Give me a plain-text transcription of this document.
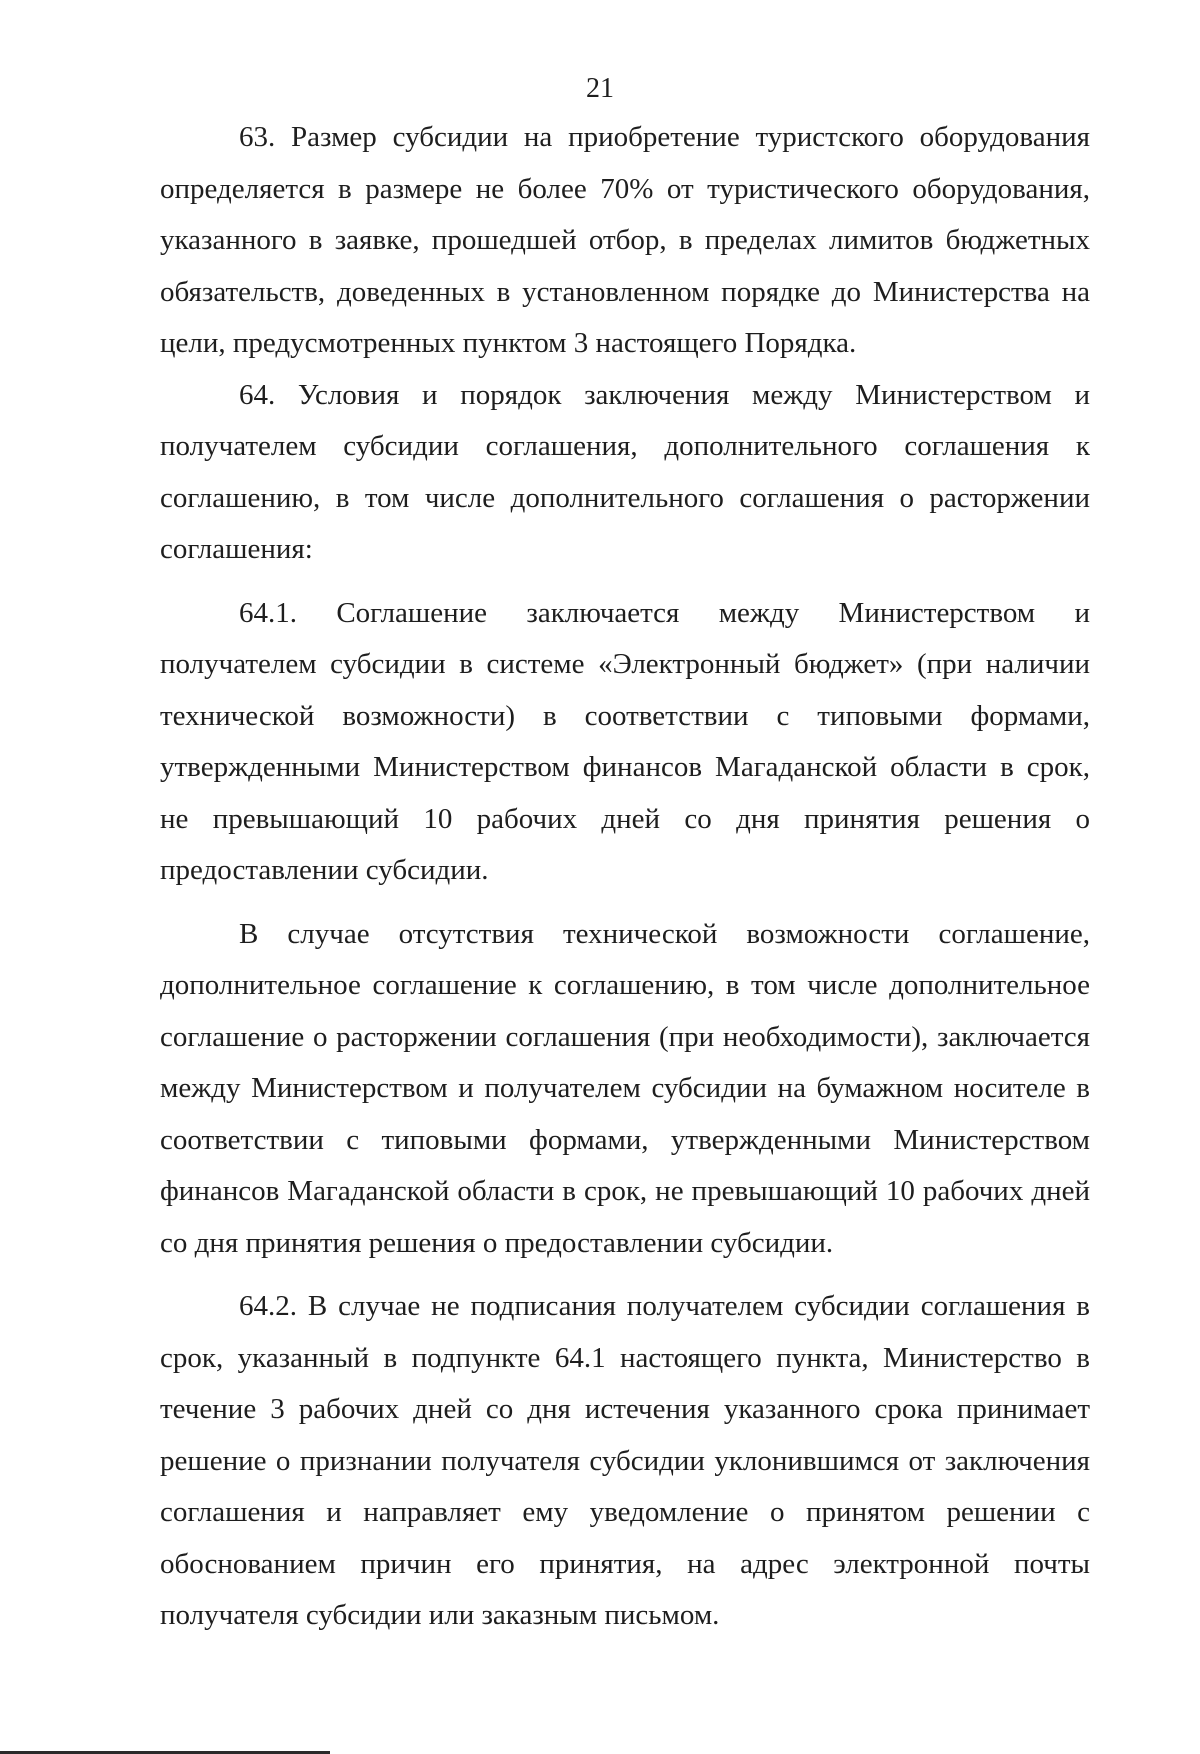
21

63. Размер субсидии на приобретение туристского оборудования определяется в размере не более 70% от туристического оборудования, указанного в заявке, прошедшей отбор, в пределах лимитов бюджетных обязательств, доведенных в установленном порядке до Министерства на цели, предусмотренных пунктом 3 настоящего Порядка.

64. Условия и порядок заключения между Министерством и получателем субсидии соглашения, дополнительного соглашения к соглашению, в том числе дополнительного соглашения о расторжении соглашения:

64.1. Соглашение заключается между Министерством и получателем субсидии в системе «Электронный бюджет» (при наличии технической возможности) в соответствии с типовыми формами, утвержденными Министерством финансов Магаданской области в срок, не превышающий 10 рабочих дней со дня принятия решения о предоставлении субсидии.

В случае отсутствия технической возможности соглашение, дополнительное соглашение к соглашению, в том числе дополнительное соглашение о расторжении соглашения (при необходимости), заключается между Министерством и получателем субсидии на бумажном носителе в соответствии с типовыми формами, утвержденными Министерством финансов Магаданской области в срок, не превышающий 10 рабочих дней со дня принятия решения о предоставлении субсидии.

64.2. В случае не подписания получателем субсидии соглашения в срок, указанный в подпункте 64.1 настоящего пункта, Министерство в течение 3 рабочих дней со дня истечения указанного срока принимает решение о признании получателя субсидии уклонившимся от заключения соглашения и направляет ему уведомление о принятом решении с обоснованием причин его принятия, на адрес электронной почты получателя субсидии или заказным письмом.
